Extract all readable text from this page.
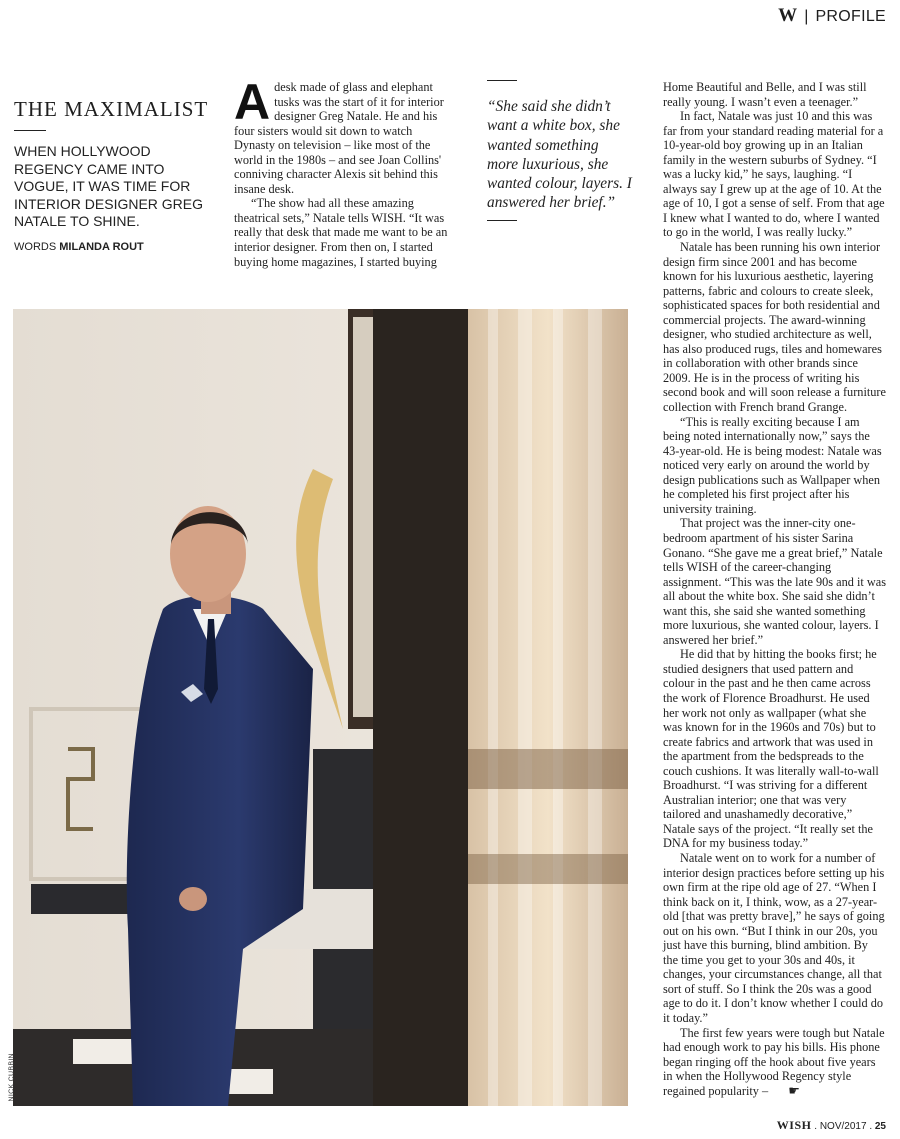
W | PROFILE
THE MAXIMALIST
WHEN HOLLYWOOD REGENCY CAME INTO VOGUE, IT WAS TIME FOR INTERIOR DESIGNER GREG NATALE TO SHINE.
WORDS MILANDA ROUT

Adesk made of glass and elephant tusks was the start of it for interior designer Greg Natale. He and his four sisters would sit down to watch Dynasty on television – like most of the world in the 1980s – and see Joan Collins' conniving character Alexis sit behind this insane desk.

“The show had all these amazing theatrical sets,” Natale tells WISH. “It was really that desk that made me want to be an interior designer. From then on, I started buying home magazines, I started buying

“She said she didn’t want a white box, she wanted something more luxurious, she wanted colour, layers. I answered her brief.”

Home Beautiful and Belle, and I was still really young. I wasn’t even a teenager.”

In fact, Natale was just 10 and this was far from your standard reading material for a 10-year-old boy growing up in an Italian family in the western suburbs of Sydney. “I was a lucky kid,” he says, laughing. “I always say I grew up at the age of 10. At the age of 10, I got a sense of self. From that age I knew what I wanted to do, where I wanted to go in the world, I was really lucky.”

Natale has been running his own interior design firm since 2001 and has become known for his luxurious aesthetic, layering patterns, fabric and colours to create sleek, sophisticated spaces for both residential and commercial projects. The award-winning designer, who studied architecture as well, has also produced rugs, tiles and homewares in collaboration with other brands since 2009. He is in the process of writing his second book and will soon release a furniture collection with French brand Grange.

“This is really exciting because I am being noted internationally now,” says the 43-year-old. He is being modest: Natale was noticed very early on around the world by design publications such as Wallpaper when he completed his first project after his university training.

That project was the inner-city one-bedroom apartment of his sister Sarina Gonano. “She gave me a great brief,” Natale tells WISH of the career-changing assignment. “This was the late 90s and it was all about the white box. She said she didn’t want this, she said she wanted something more luxurious, she wanted colour, layers. I answered her brief.”

He did that by hitting the books first; he studied designers that used pattern and colour in the past and he then came across the work of Florence Broadhurst. He used her work not only as wallpaper (what she was known for in the 1960s and 70s) but to create fabrics and artwork that was used in the apartment from the bedspreads to the couch cushions. It was literally wall-to-wall Broadhurst. “I was striving for a different Australian interior; one that was very tailored and unashamedly decorative,” Natale says of the project. “It really set the DNA for my business today.”

Natale went on to work for a number of interior design practices before setting up his own firm at the ripe old age of 27. “When I think back on it, I think, wow, as a 27-year-old [that was pretty brave],” he says of going out on his own. “But I think in our 20s, you just have this burning, blind ambition. By the time you get to your 30s and 40s, it changes, your circumstances change, all that sort of stuff. So I think the 20s was a good age to do it. I don’t know whether I could do it today.”

The first few years were tough but Natale had enough work to pay his bills. His phone began ringing off the hook about five years in when the Hollywood Regency style regained popularity – ☛

NICK CUBBIN
WISH . NOV/2017 . 25
